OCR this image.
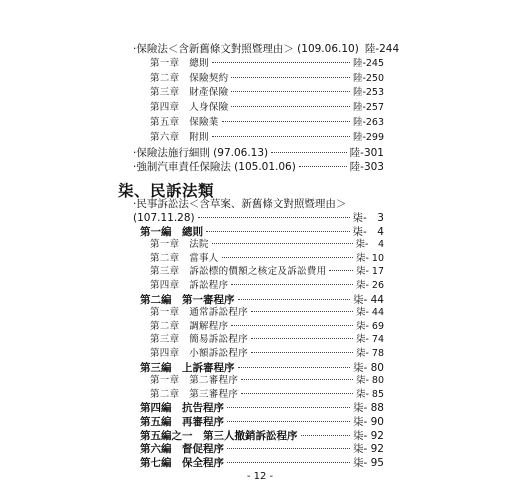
‧保險法＜含新舊條文對照暨理由＞ (109.06.10) 陸-244
第一章　總則	陸-245
第二章　保險契約	陸-250
第三章　財產保險	陸-253
第四章　人身保險	陸-257
第五章　保險業	陸-263
第六章　附則	陸-299
‧保險法施行細則 (97.06.13)	陸-301
‧強制汽車責任保險法 (105.01.06)	陸-303
柒、民訴法類
‧民事訴訟法＜含草案、新舊條文對照暨理由＞
(107.11.28)	柒-　3
第一編　總則	柒-　4
第一章　法院	柒-　4
第二章　當事人	柒- 10
第三章　訴訟標的價額之核定及訴訟費用	柒- 17
第四章　訴訟程序	柒- 26
第二編　第一審程序	柒- 44
第一章　通常訴訟程序	柒- 44
第二章　調解程序	柒- 69
第三章　簡易訴訟程序	柒- 74
第四章　小額訴訟程序	柒- 78
第三編　上訴審程序	柒- 80
第一章　第二審程序	柒- 80
第二章　第三審程序	柒- 85
第四編　抗告程序	柒- 88
第五編　再審程序	柒- 90
第五編之一　第三人撤銷訴訟程序	柒- 92
第六編　督促程序	柒- 92
第七編　保全程序	柒- 95
- 12 -
